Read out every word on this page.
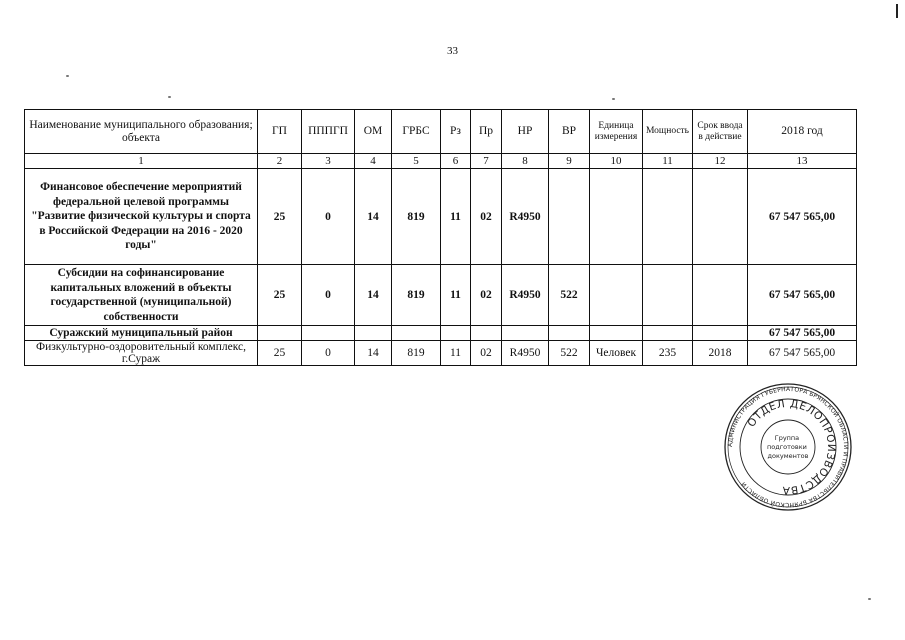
33
Наименование муниципального образования; объекта	ГП	ПППГП	ОМ	ГРБС	Рз	Пр	НР	ВР	Единица измерения	Мощность	Срок ввода в действие	2018 год
1	2	3	4	5	6	7	8	9	10	11	12	13
Финансовое обеспечение мероприятий федеральной целевой программы "Развитие физической культуры и спорта в Российской Федерации на 2016 - 2020 годы"	25	0	14	819	11	02	R4950					67 547 565,00
Субсидии на софинансирование капитальных вложений в объекты государственной (муниципальной) собственности	25	0	14	819	11	02	R4950	522				67 547 565,00
Суражский муниципальный район												67 547 565,00
Физкультурно-оздоровительный комплекс, г.Сураж	25	0	14	819	11	02	R4950	522	Человек	235	2018	67 547 565,00
АДМИНИСТРАЦИЯ ГУБЕРНАТОРА БРЯНСКОЙ ОБЛАСТИ И ПРАВИТЕЛЬСТВА БРЯНСКОЙ ОБЛАСТИ
ОТДЕЛ ДЕЛОПРОИЗВОДСТВА
Группа подготовки документов
